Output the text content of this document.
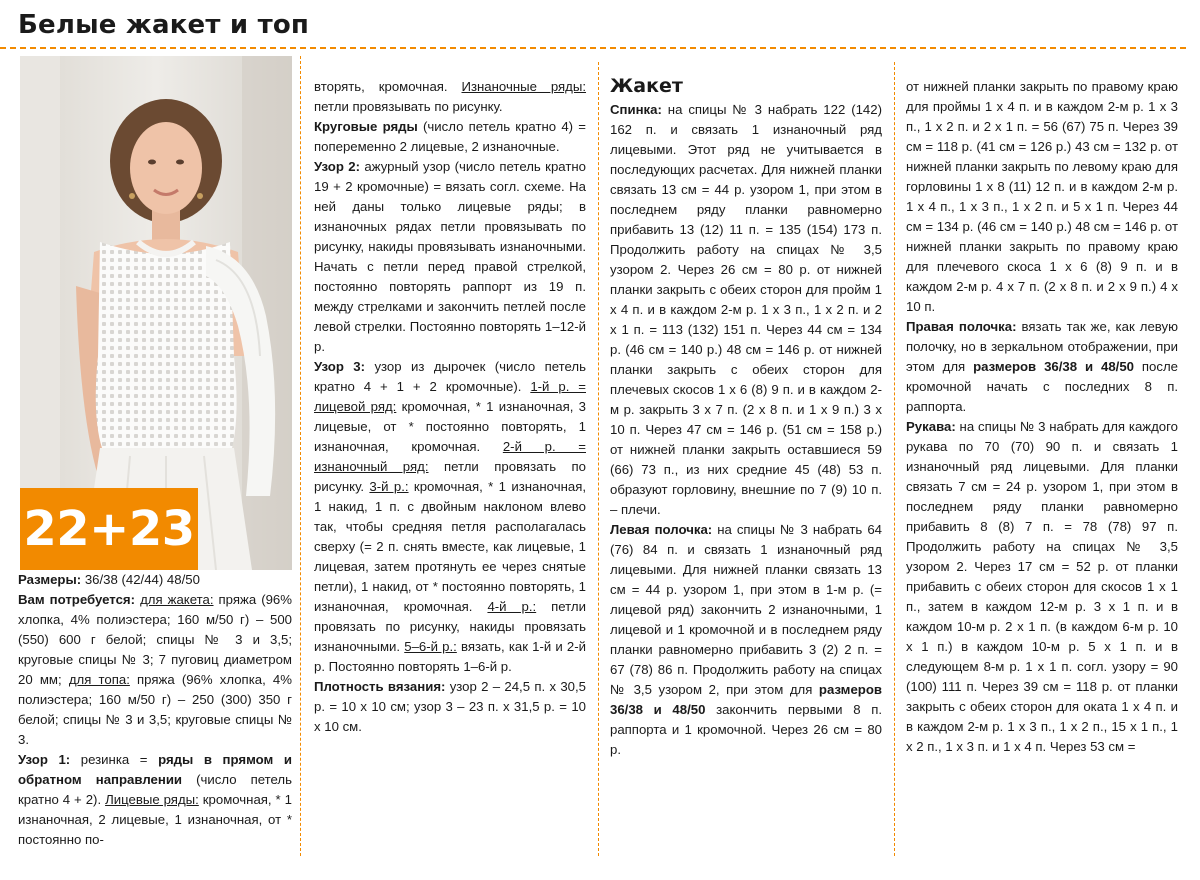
Белые жакет и топ
22+23

Размеры: 36/38 (42/44) 48/50

Вам потребуется: для жакета: пряжа (96% хлопка, 4% полиэстера; 160 м/50 г) – 500 (550) 600 г белой; спицы № 3 и 3,5; круговые спицы № 3; 7 пуговиц диаметром 20 мм; для топа: пряжа (96% хлопка, 4% полиэстера; 160 м/50 г) – 250 (300) 350 г белой; спицы № 3 и 3,5; круговые спицы № 3.

Узор 1: резинка = ряды в прямом и обратном направлении (число петель кратно 4 + 2). Лицевые ряды: кромочная, * 1 изнаночная, 2 лицевые, 1 изнаночная, от * постоянно по-

вторять, кромочная. Изнаночные ряды: петли провязывать по рисунку.

Круговые ряды (число петель кратно 4) = попеременно 2 лицевые, 2 изнаночные.

Узор 2: ажурный узор (число петель кратно 19 + 2 кромочные) = вязать согл. схеме. На ней даны только лицевые ряды; в изнаночных рядах петли провязывать по рисунку, накиды провязывать изнаночными. Начать с петли перед правой стрелкой, постоянно повторять раппорт из 19 п. между стрелками и закончить петлей после левой стрелки. Постоянно повторять 1–12-й р.

Узор 3: узор из дырочек (число петель кратно 4 + 1 + 2 кромочные). 1-й р. = лицевой ряд: кромочная, * 1 изнаночная, 3 лицевые, от * постоянно повторять, 1 изнаночная, кромочная. 2-й р. = изнаночный ряд: петли провязать по рисунку. 3-й р.: кромочная, * 1 изнаночная, 1 накид, 1 п. с двойным наклоном влево так, чтобы средняя петля располагалась сверху (= 2 п. снять вместе, как лицевые, 1 лицевая, затем протянуть ее через снятые петли), 1 накид, от * постоянно повторять, 1 изнаночная, кромочная. 4-й р.: петли провязать по рисунку, накиды провязать изнаночными. 5–6-й р.: вязать, как 1-й и 2-й р. Постоянно повторять 1–6-й р.

Плотность вязания: узор 2 – 24,5 п. х 30,5 р. = 10 х 10 см; узор 3 – 23 п. х 31,5 р. = 10 х 10 см.

Жакет

Спинка: на спицы № 3 набрать 122 (142) 162 п. и связать 1 изнаночный ряд лицевыми. Этот ряд не учитывается в последующих расчетах. Для нижней планки связать 13 см = 44 р. узором 1, при этом в последнем ряду планки равномерно прибавить 13 (12) 11 п. = 135 (154) 173 п. Продолжить работу на спицах № 3,5 узором 2. Через 26 см = 80 р. от нижней планки закрыть с обеих сторон для пройм 1 х 4 п. и в каждом 2-м р. 1 х 3 п., 1 х 2 п. и 2 х 1 п. = 113 (132) 151 п. Через 44 см = 134 р. (46 см = 140 р.) 48 см = 146 р. от нижней планки закрыть с обеих сторон для плечевых скосов 1 х 6 (8) 9 п. и в каждом 2-м р. закрыть 3 х 7 п. (2 х 8 п. и 1 х 9 п.) 3 х 10 п. Через 47 см = 146 р. (51 см = 158 р.) от нижней планки закрыть оставшиеся 59 (66) 73 п., из них средние 45 (48) 53 п. образуют горловину, внешние по 7 (9) 10 п. – плечи.

Левая полочка: на спицы № 3 набрать 64 (76) 84 п. и связать 1 изнаночный ряд лицевыми. Для нижней планки связать 13 см = 44 р. узором 1, при этом в 1-м р. (= лицевой ряд) закончить 2 изнаночными, 1 лицевой и 1 кромочной и в последнем ряду планки равномерно прибавить 3 (2) 2 п. = 67 (78) 86 п. Продолжить работу на спицах № 3,5 узором 2, при этом для размеров 36/38 и 48/50 закончить первыми 8 п. раппорта и 1 кромочной. Через 26 см = 80 р.

от нижней планки закрыть по правому краю для проймы 1 х 4 п. и в каждом 2-м р. 1 х 3 п., 1 х 2 п. и 2 х 1 п. = 56 (67) 75 п. Через 39 см = 118 р. (41 см = 126 р.) 43 см = 132 р. от нижней планки закрыть по левому краю для горловины 1 х 8 (11) 12 п. и в каждом 2-м р. 1 х 4 п., 1 х 3 п., 1 х 2 п. и 5 х 1 п. Через 44 см = 134 р. (46 см = 140 р.) 48 см = 146 р. от нижней планки закрыть по правому краю для плечевого скоса 1 х 6 (8) 9 п. и в каждом 2-м р. 4 х 7 п. (2 х 8 п. и 2 х 9 п.) 4 х 10 п.

Правая полочка: вязать так же, как левую полочку, но в зеркальном отображении, при этом для размеров 36/38 и 48/50 после кромочной начать с последних 8 п. раппорта.

Рукава: на спицы № 3 набрать для каждого рукава по 70 (70) 90 п. и связать 1 изнаночный ряд лицевыми. Для планки связать 7 см = 24 р. узором 1, при этом в последнем ряду планки равномерно прибавить 8 (8) 7 п. = 78 (78) 97 п. Продолжить работу на спицах № 3,5 узором 2. Через 17 см = 52 р. от планки прибавить с обеих сторон для скосов 1 х 1 п., затем в каждом 12-м р. 3 х 1 п. и в каждом 10-м р. 2 х 1 п. (в каждом 6-м р. 10 х 1 п.) в каждом 10-м р. 5 х 1 п. и в следующем 8-м р. 1 х 1 п. согл. узору = 90 (100) 111 п. Через 39 см = 118 р. от планки закрыть с обеих сторон для оката 1 х 4 п. и в каждом 2-м р. 1 х 3 п., 1 х 2 п., 15 х 1 п., 1 х 2 п., 1 х 3 п. и 1 х 4 п. Через 53 см =
